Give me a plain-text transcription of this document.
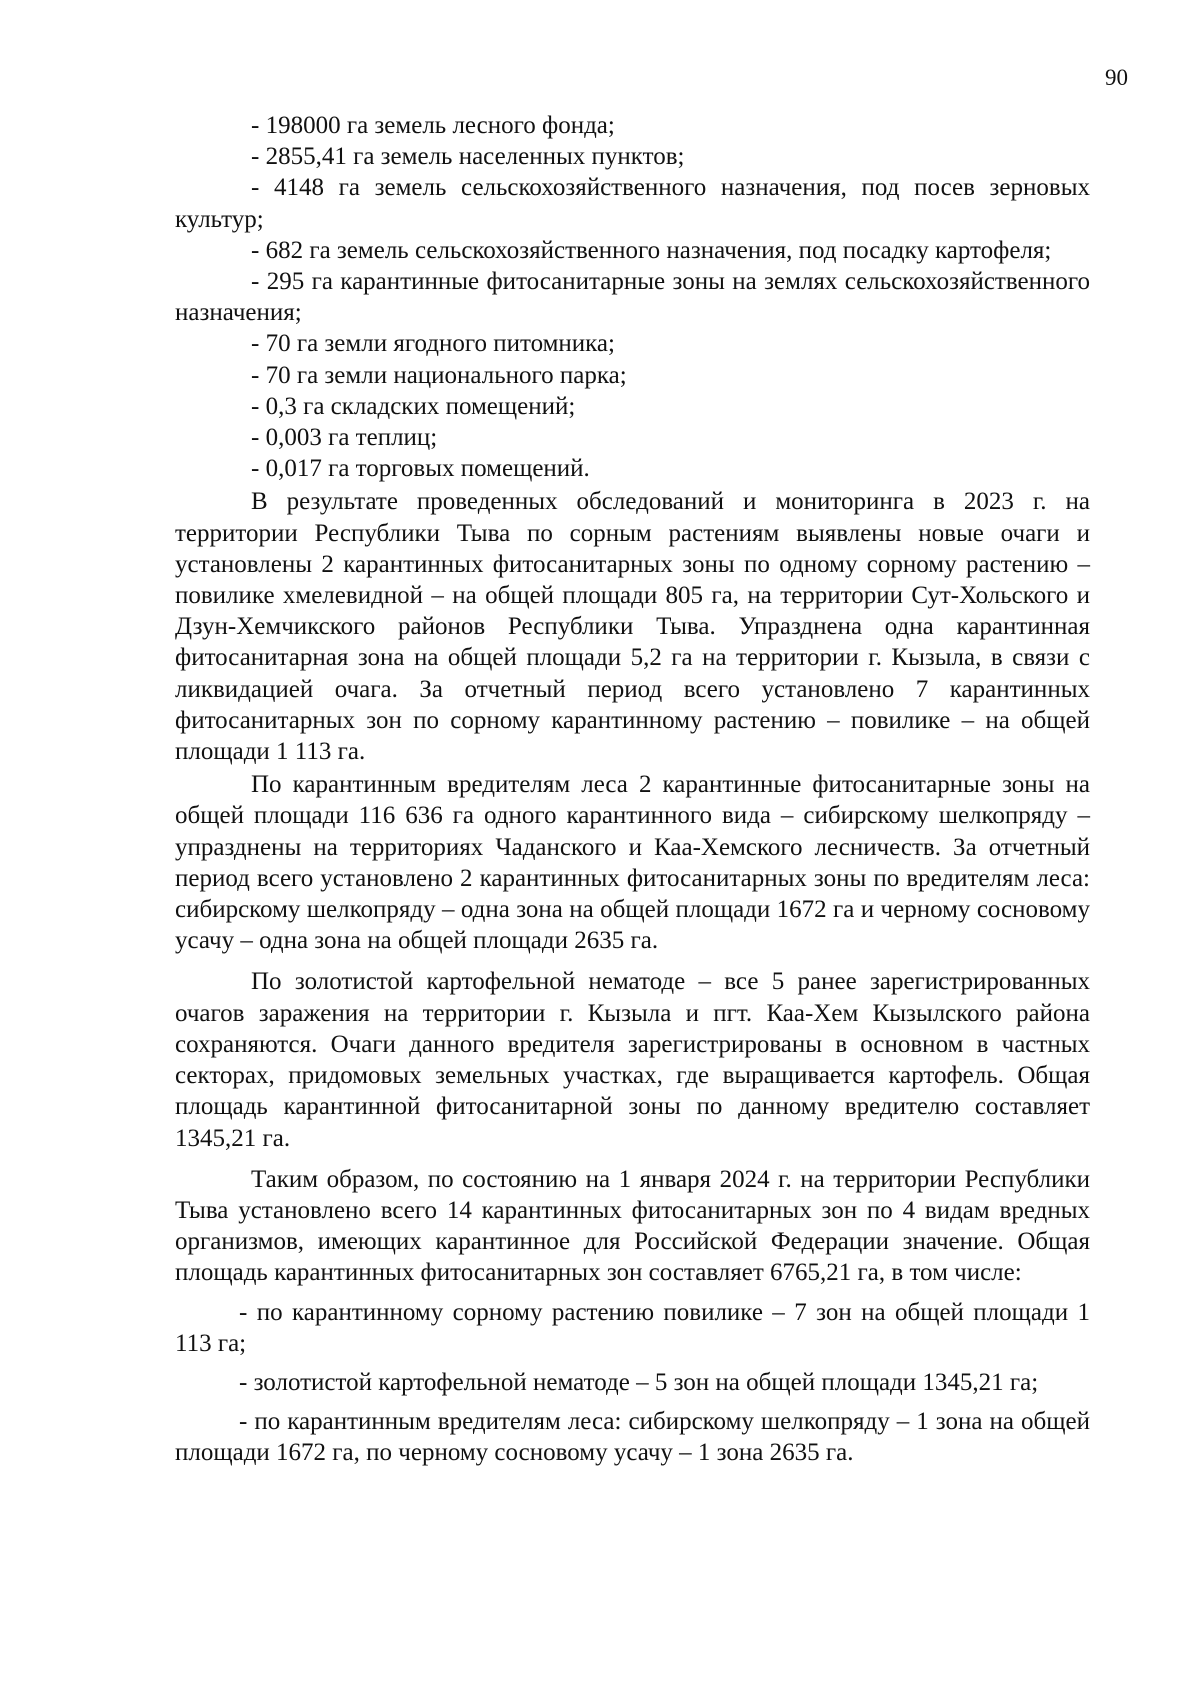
90

- 198000 га земель лесного фонда;

- 2855,41 га земель населенных пунктов;

- 4148 га земель сельскохозяйственного назначения, под посев зерновых культур;

- 682 га земель сельскохозяйственного назначения, под посадку картофеля;

- 295 га карантинные фитосанитарные зоны на землях сельскохозяйственного назначения;

- 70 га земли ягодного питомника;

- 70 га земли национального парка;

- 0,3 га складских помещений;

- 0,003 га теплиц;

- 0,017 га торговых помещений.

В результате проведенных обследований и мониторинга в 2023 г. на территории Республики Тыва по сорным растениям выявлены новые очаги и установлены 2 карантинных фитосанитарных зоны по одному сорному растению – повилике хмелевидной – на общей площади 805 га, на территории Сут-Хольского и Дзун-Хемчикского районов Республики Тыва. Упразднена одна карантинная фитосанитарная зона на общей площади 5,2 га на территории г. Кызыла, в связи с ликвидацией очага. За отчетный период всего установлено 7 карантинных фитосанитарных зон по сорному карантинному растению – повилике – на общей площади 1 113 га.

По карантинным вредителям леса 2 карантинные фитосанитарные зоны на общей площади 116 636 га одного карантинного вида – сибирскому шелкопряду – упразднены на территориях Чаданского и Каа-Хемского лесничеств. За отчетный период всего установлено 2 карантинных фитосанитарных зоны по вредителям леса: сибирскому шелкопряду – одна зона на общей площади 1672 га и черному сосновому усачу – одна зона на общей площади 2635 га.

По золотистой картофельной нематоде – все 5 ранее зарегистрированных очагов заражения на территории г. Кызыла и пгт. Каа-Хем Кызылского района сохраняются. Очаги данного вредителя зарегистрированы в основном в частных секторах, придомовых земельных участках, где выращивается картофель. Общая площадь карантинной фитосанитарной зоны по данному вредителю составляет 1345,21 га.

Таким образом, по состоянию на 1 января 2024 г. на территории Республики Тыва установлено всего 14 карантинных фитосанитарных зон по 4 видам вредных организмов, имеющих карантинное для Российской Федерации значение. Общая площадь карантинных фитосанитарных зон составляет 6765,21 га, в том числе:

- по карантинному сорному растению повилике – 7 зон на общей площади 1 113 га;

- золотистой картофельной нематоде – 5 зон на общей площади 1345,21 га;

- по карантинным вредителям леса: сибирскому шелкопряду – 1 зона на общей площади 1672 га, по черному сосновому усачу – 1 зона 2635 га.
